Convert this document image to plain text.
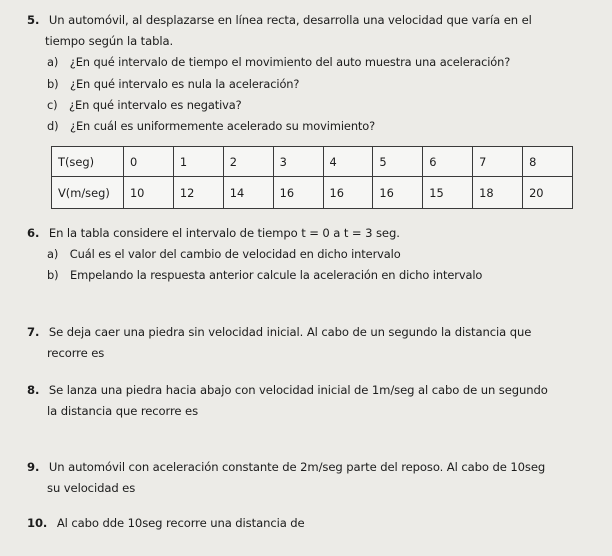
5. Un automóvil, al desplazarse en línea recta, desarrolla una velocidad que varía en el
tiempo según la tabla.
a) ¿En qué intervalo de tiempo el movimiento del auto muestra una aceleración?
b) ¿En qué intervalo es nula la aceleración?
c) ¿En qué intervalo es negativa?
d) ¿En cuál es uniformemente acelerado su movimiento?
T(seg)	0	1	2	3	4	5	6	7	8
V(m/seg)	10	12	14	16	16	16	15	18	20
6. En la tabla considere el intervalo de tiempo t = 0 a t = 3 seg.
a) Cuál es el valor del cambio de velocidad en dicho intervalo
b) Empelando la respuesta anterior calcule la aceleración en dicho intervalo
7. Se deja caer una piedra sin velocidad inicial. Al cabo de un segundo la distancia que
recorre es
8. Se lanza una piedra hacia abajo con velocidad inicial de 1m/seg al cabo de un segundo
la distancia que recorre es
9. Un automóvil con aceleración constante de 2m/seg parte del reposo. Al cabo de 10seg
su velocidad es
10. Al cabo dde 10seg recorre una distancia de
